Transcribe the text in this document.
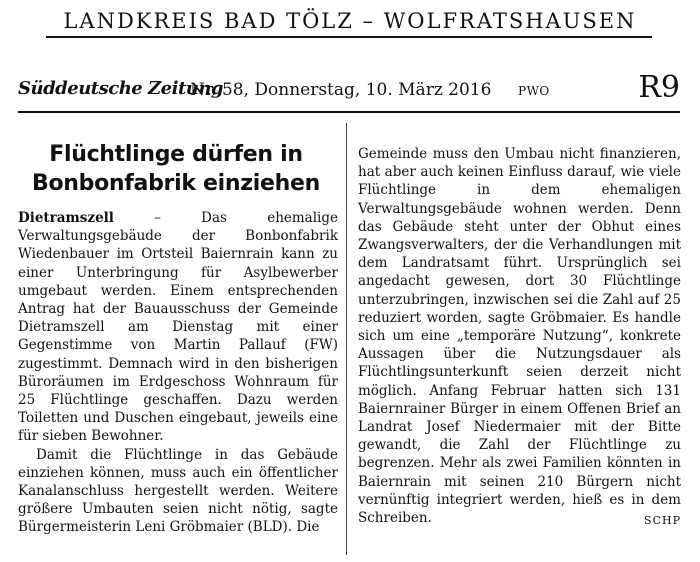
LANDKREIS BAD TÖLZ – WOLFRATSHAUSEN
Süddeutsche Zeitung
Nr. 58, Donnerstag, 10. März 2016 PWO	R9
Flüchtlinge dürfen in
Bonbonfabrik einziehen

Dietramszell – Das ehemalige Verwaltungsgebäude der Bonbonfabrik Wiedenbauer im Ortsteil Baiernrain kann zu einer Unterbringung für Asylbewerber umgebaut werden. Einem entsprechenden Antrag hat der Bauausschuss der Gemeinde Dietramszell am Dienstag mit einer Gegenstimme von Martin Pallauf (FW) zugestimmt. Demnach wird in den bisherigen Büroräumen im Erdgeschoss Wohnraum für 25 Flüchtlinge geschaffen. Dazu werden Toiletten und Duschen eingebaut, jeweils eine für sieben Bewohner.

Damit die Flüchtlinge in das Gebäude einziehen können, muss auch ein öffentlicher Kanalanschluss hergestellt werden. Weitere größere Umbauten seien nicht nötig, sagte Bürgermeisterin Leni Gröbmaier (BLD). Die

Gemeinde muss den Umbau nicht finanzieren, hat aber auch keinen Einfluss darauf, wie viele Flüchtlinge in dem ehemaligen Verwaltungsgebäude wohnen werden. Denn das Gebäude steht unter der Obhut eines Zwangsverwalters, der die Verhandlungen mit dem Landratsamt führt. Ursprünglich sei angedacht gewesen, dort 30 Flüchtlinge unterzubringen, inzwischen sei die Zahl auf 25 reduziert worden, sagte Gröbmaier. Es handle sich um eine „temporäre Nutzung“, konkrete Aussagen über die Nutzungsdauer als Flüchtlingsunterkunft seien derzeit nicht möglich. Anfang Februar hatten sich 131 Baiernrainer Bürger in einem Offenen Brief an Landrat Josef Niedermaier mit der Bitte gewandt, die Zahl der Flüchtlinge zu begrenzen. Mehr als zwei Familien könnten in Baiernrain mit seinen 210 Bürgern nicht vernünftig integriert werden, hieß es in dem Schreiben.	SCHP
